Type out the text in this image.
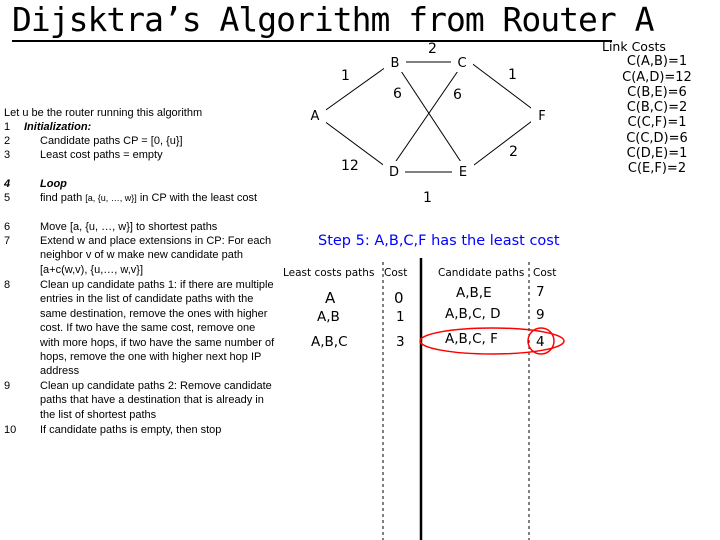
Dijsktra’s Algorithm from Router A
Link Costs
C(A,B)=1
C(A,D)=12
C(B,E)=6
C(B,C)=2
C(C,F)=1
C(C,D)=6
C(D,E)=1
C(E,F)=2
Let u be the router running this algorithm
1	Initialization:
2	Candidate paths CP = [0, {u}]
3	Least cost paths = empty
4	Loop
5	find path [a, {u, …, w}] in CP with the least cost
6	Move [a, {u, …, w}] to shortest paths
7	Extend w and place extensions in CP: For each neighbor v of w make new candidate path [a+c(w,v), {u,…, w,v}]
8	Clean up candidate paths 1: if there are multiple entries in the list of candidate paths with the same destination, remove the ones with higher cost. If two have the same cost, remove one with more hops, if two have the same number of hops, remove the one with higher next hop IP address
9	Clean up candidate paths 2: Remove candidate paths that have a destination that is already in the list of shortest paths
10	If candidate paths is empty, then stop
B	C
A	F
D	E
1
2
1
6	6
2
12
1
Step 5: A,B,C,F has the least cost
Least costs paths Cost	Candidate paths Cost
A	0
A,B	1
A,B,C	3
A,B,E	7
A,B,C, D	9
A,B,C, F	4
